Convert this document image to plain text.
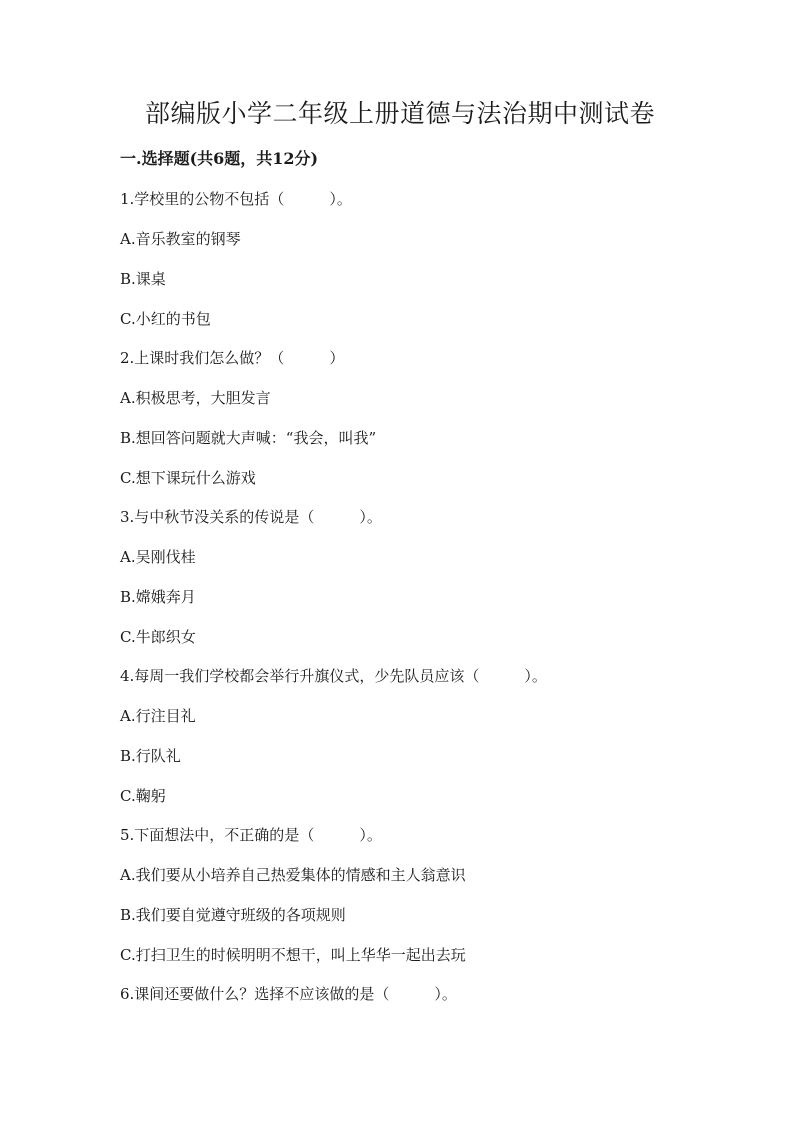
部编版小学二年级上册道德与法治期中测试卷
一.选择题(共6题，共12分)

1.学校里的公物不包括（　　　）。

A.音乐教室的钢琴

B.课桌

C.小红的书包

2.上课时我们怎么做？（　　　）

A.积极思考，大胆发言

B.想回答问题就大声喊：“我会，叫我”

C.想下课玩什么游戏

3.与中秋节没关系的传说是（　　　）。

A.吴刚伐桂

B.嫦娥奔月

C.牛郎织女

4.每周一我们学校都会举行升旗仪式，少先队员应该（　　　）。

A.行注目礼

B.行队礼

C.鞠躬

5.下面想法中，不正确的是（　　　）。

A.我们要从小培养自己热爱集体的情感和主人翁意识

B.我们要自觉遵守班级的各项规则

C.打扫卫生的时候明明不想干，叫上华华一起出去玩

6.课间还要做什么？选择不应该做的是（　　　）。
